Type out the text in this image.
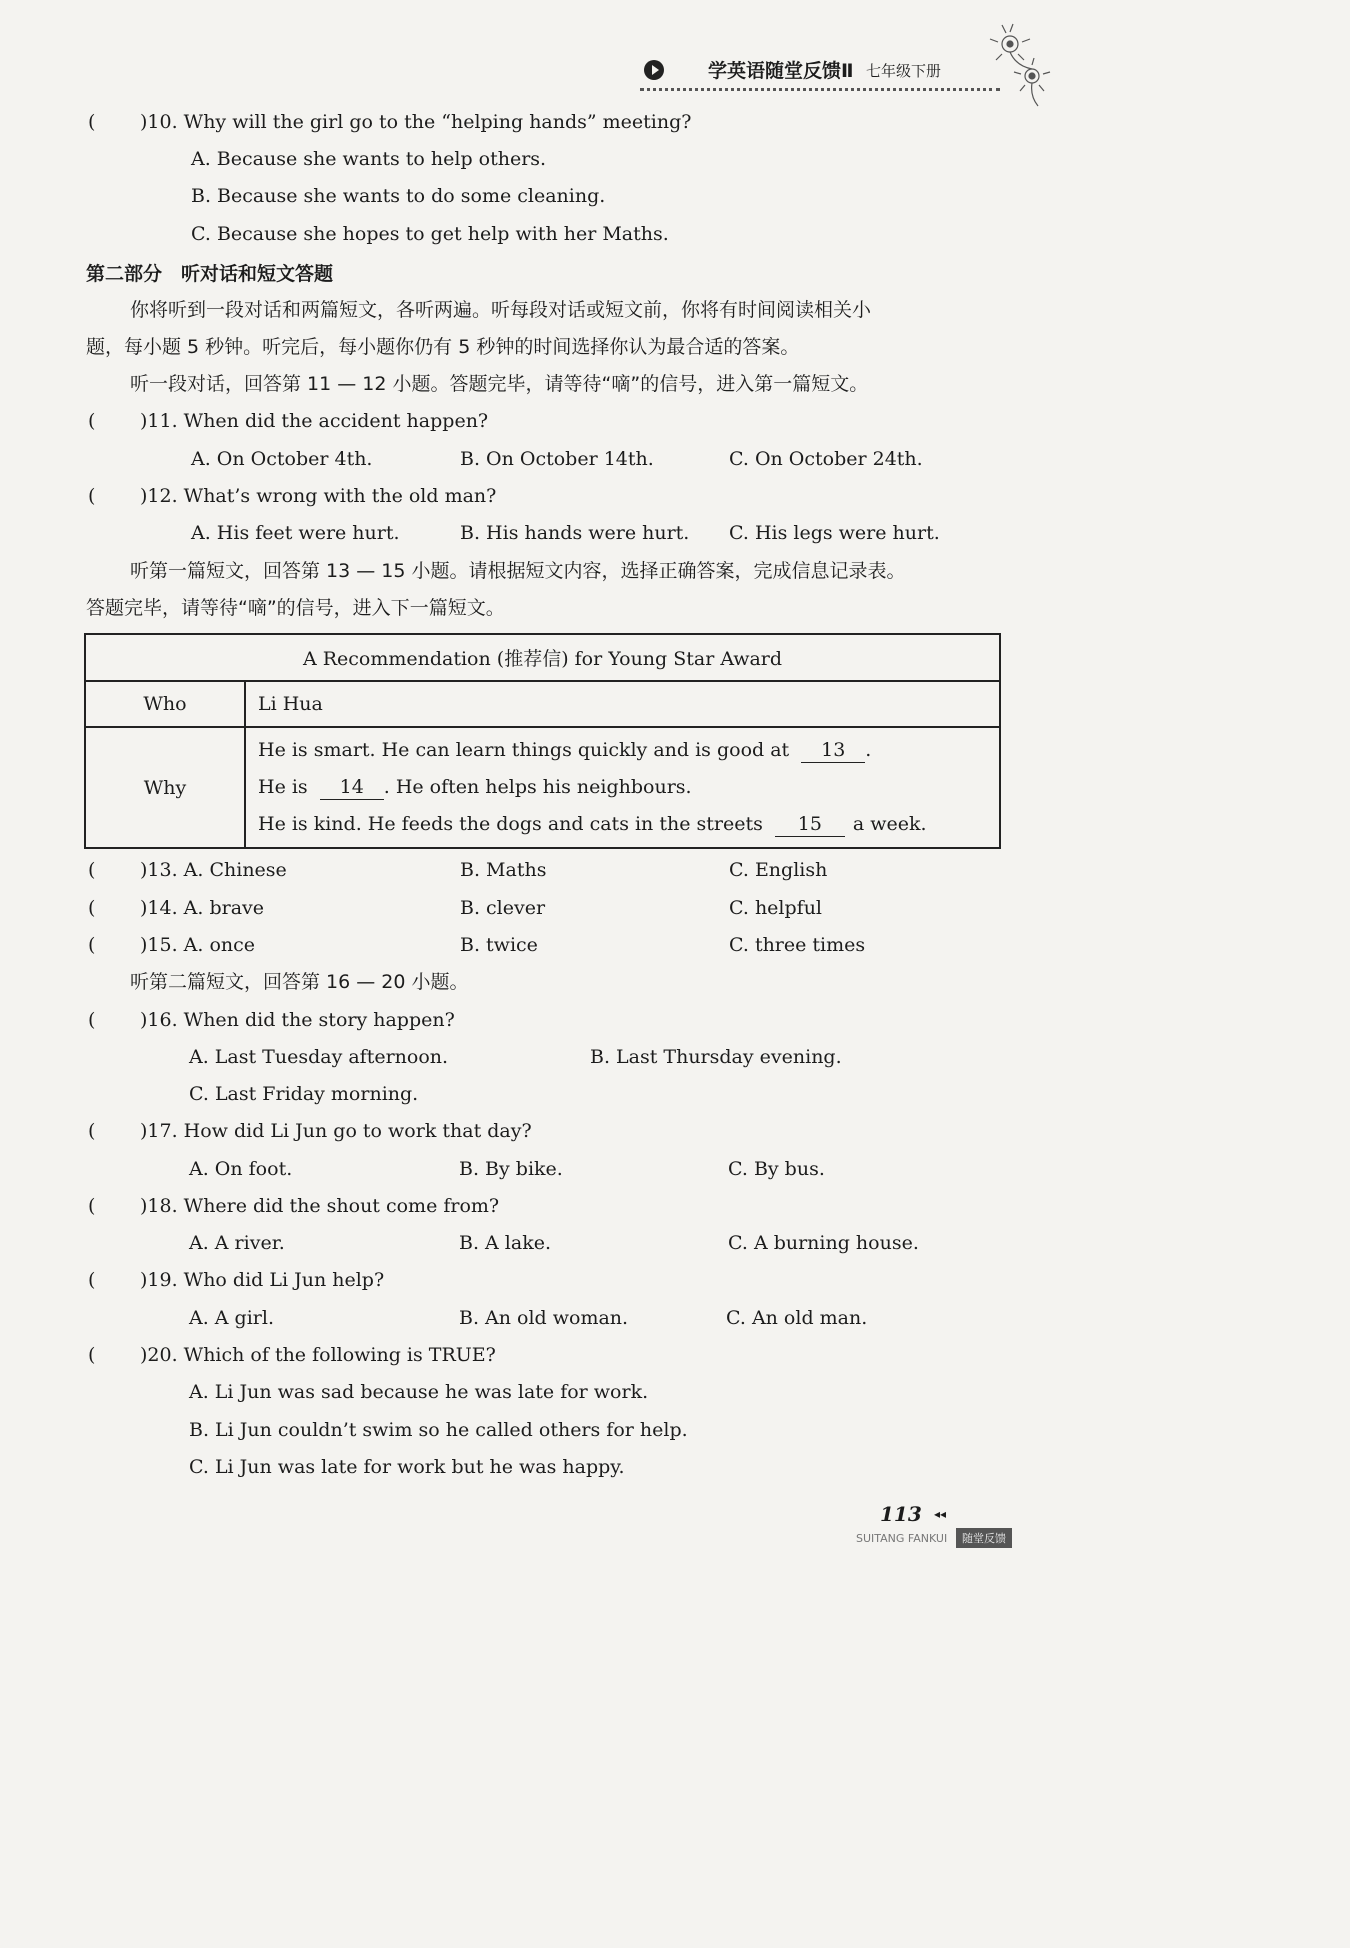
学英语随堂反馈Ⅱ 七年级下册
( )10. Why will the girl go to the “helping hands” meeting?
A. Because she wants to help others.
B. Because she wants to do some cleaning.
C. Because she hopes to get help with her Maths.
第二部分　听对话和短文答题
你将听到一段对话和两篇短文，各听两遍。听每段对话或短文前，你将有时间阅读相关小
题，每小题 5 秒钟。听完后，每小题你仍有 5 秒钟的时间选择你认为最合适的答案。
听一段对话，回答第 11 — 12 小题。答题完毕，请等待“嘀”的信号，进入第一篇短文。
( )11. When did the accident happen?
A. On October 4th.	B. On October 14th.	C. On October 24th.
( )12. What’s wrong with the old man?
A. His feet were hurt.	B. His hands were hurt. C. His legs were hurt.
听第一篇短文，回答第 13 — 15 小题。请根据短文内容，选择正确答案，完成信息记录表。
答题完毕，请等待“嘀”的信号，进入下一篇短文。
A Recommendation (推荐信) for Young Star Award	
Who	Li Hua
Why	He is smart. He can learn things quickly and is good at 13 .
He is 14 . He often helps his neighbours.
He is kind. He feeds the dogs and cats in the streets 15 a week.
( )13. A. Chinese	B. Maths	C. English
( )14. A. brave	B. clever	C. helpful
( )15. A. once	B. twice	C. three times
听第二篇短文，回答第 16 — 20 小题。
( )16. When did the story happen?
A. Last Tuesday afternoon.	B. Last Thursday evening.
C. Last Friday morning.
( )17. How did Li Jun go to work that day?
A. On foot.	B. By bike.	C. By bus.
( )18. Where did the shout come from?
A. A river.	B. A lake.	C. A burning house.
( )19. Who did Li Jun help?
A. A girl.	B. An old woman.	C. An old man.
( )20. Which of the following is TRUE?
A. Li Jun was sad because he was late for work.
B. Li Jun couldn’t swim so he called others for help.
C. Li Jun was late for work but he was happy.
113 ◂◂
SUITANG FANKUI	随堂反馈
